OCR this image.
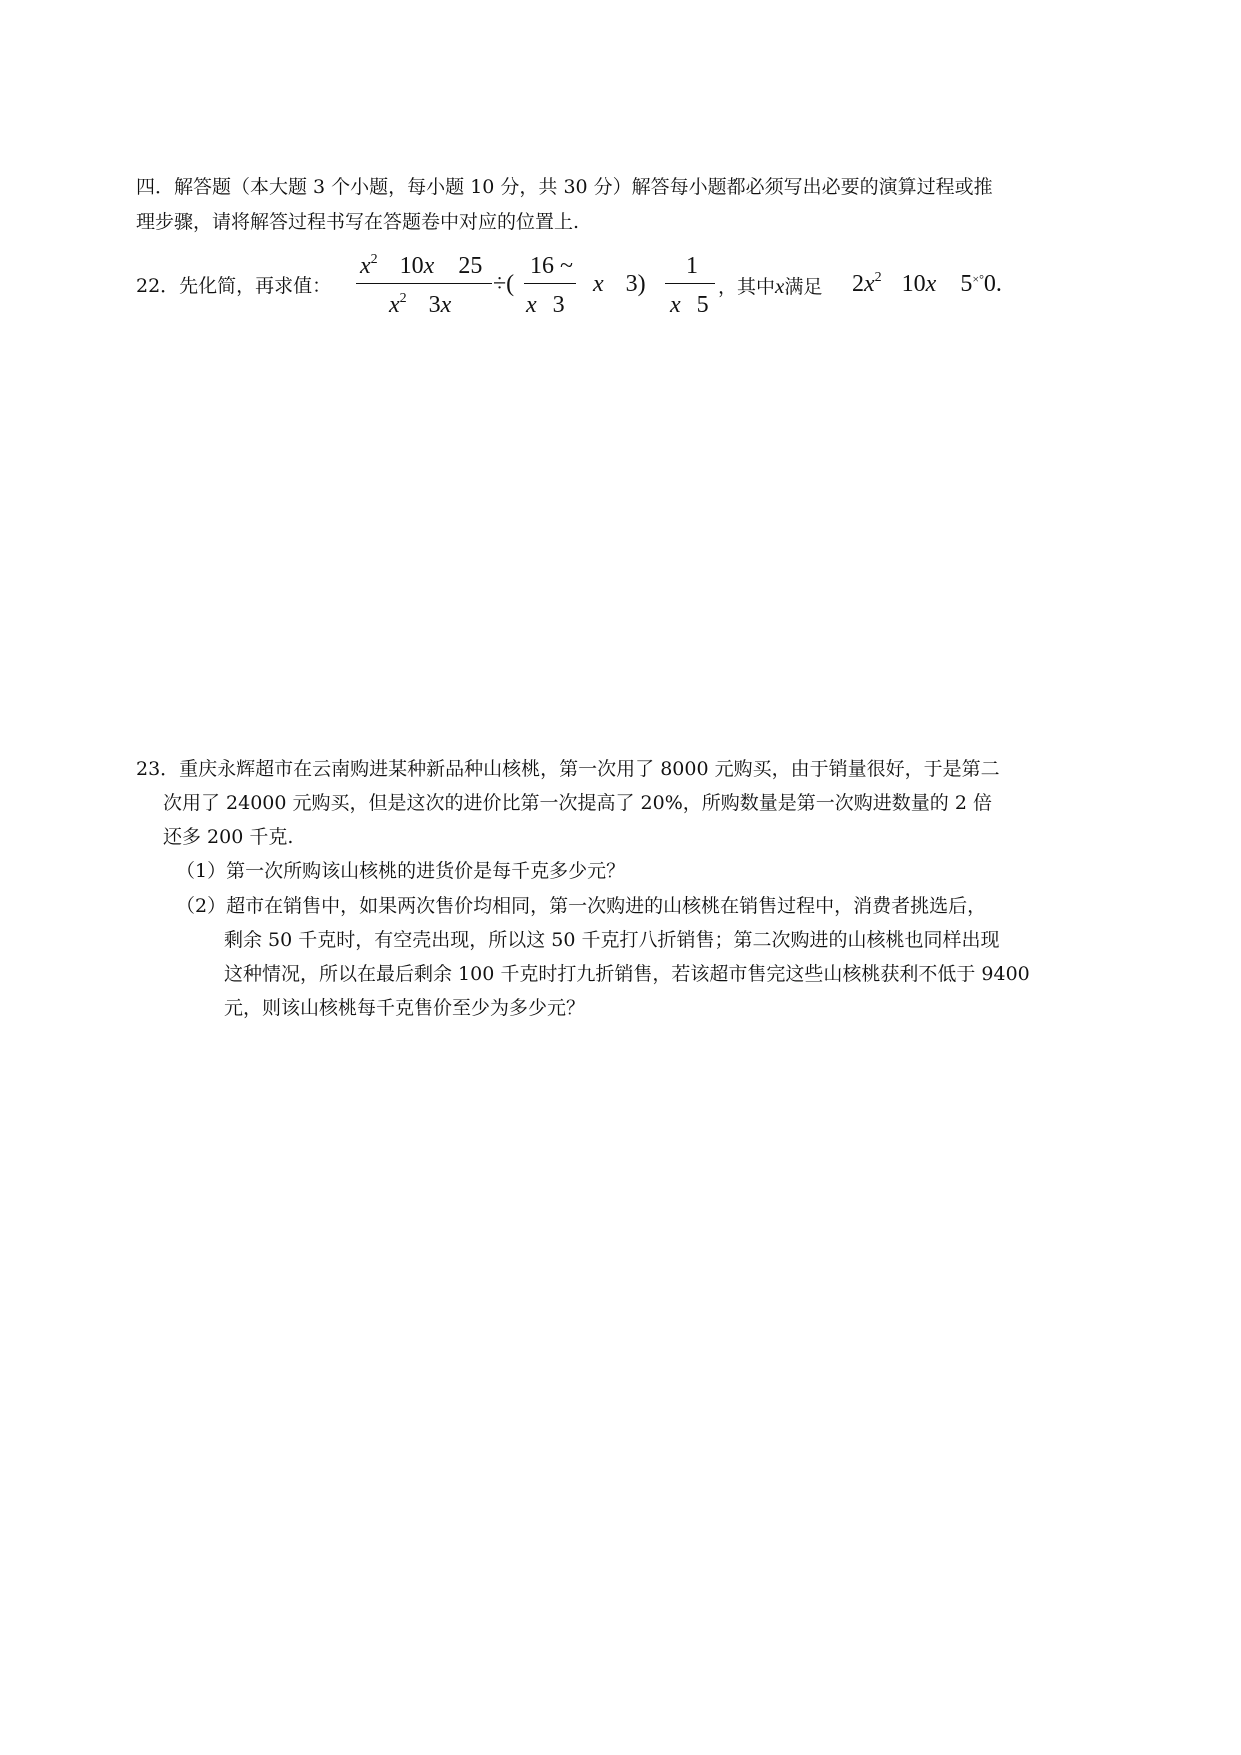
四．解答题（本大题 3 个小题，每小题 10 分，共 30 分）解答每小题都必须写出必要的演算过程或推
理步骤，请将解答过程书写在答题卷中对应的位置上.
22．先化简，再求值：
$x^2$ 10x 25
$x^2$ 3x
÷(
16 ~
x 3
x 3)
1
x 5
，其中x满足 $2x^2$ 10x 5×°0.
23．重庆永辉超市在云南购进某种新品种山核桃，第一次用了 8000 元购买，由于销量很好，于是第二
次用了 24000 元购买，但是这次的进价比第一次提高了 20%，所购数量是第一次购进数量的 2 倍
还多 200 千克.
（1）第一次所购该山核桃的进货价是每千克多少元？
（2）超市在销售中，如果两次售价均相同，第一次购进的山核桃在销售过程中，消费者挑选后，
剩余 50 千克时，有空壳出现，所以这 50 千克打八折销售；第二次购进的山核桃也同样出现
这种情况，所以在最后剩余 100 千克时打九折销售，若该超市售完这些山核桃获利不低于 9400
元，则该山核桃每千克售价至少为多少元？
